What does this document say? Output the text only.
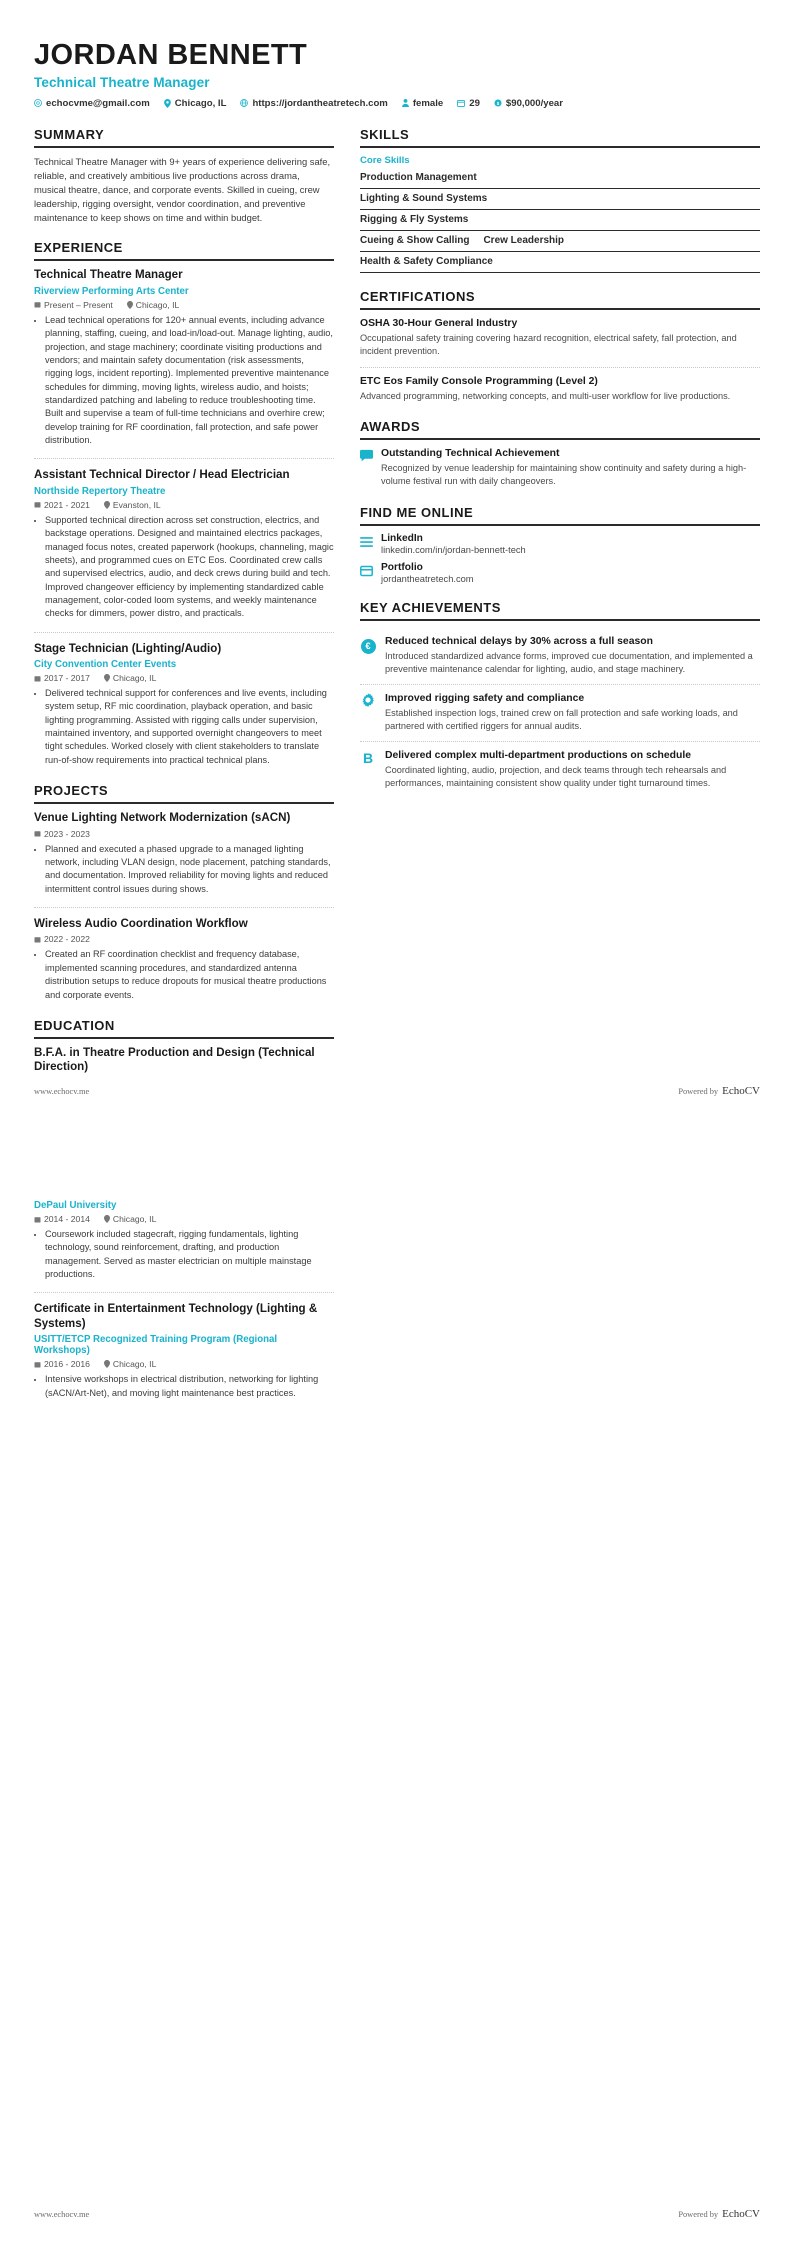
JORDAN BENNETT
Technical Theatre Manager
echocvme@gmail.com	Chicago, IL	https://jordantheatretech.com	female	29 $ $90,000/year
SUMMARY
Technical Theatre Manager with 9+ years of experience delivering safe, reliable, and creatively ambitious live productions across drama, musical theatre, dance, and corporate events. Skilled in cueing, crew leadership, rigging oversight, vendor coordination, and preventive maintenance to keep shows on time and within budget.
EXPERIENCE
Technical Theatre Manager
Riverview Performing Arts Center
Present – Present	Chicago, IL
• Lead technical operations for 120+ annual events, including advance planning, staffing, cueing, and load-in/load-out. Manage lighting, audio, projection, and stage machinery; coordinate visiting productions and vendors; and maintain safety documentation (risk assessments, rigging logs, incident reporting). Implemented preventive maintenance schedules for dimming, moving lights, wireless audio, and hoists; standardized patching and labeling to reduce troubleshooting time. Built and supervise a team of full-time technicians and overhire crew; develop training for RF coordination, fall protection, and safe power distribution.
Assistant Technical Director / Head Electrician
Northside Repertory Theatre
2021 - 2021	Evanston, IL
• Supported technical direction across set construction, electrics, and backstage operations. Designed and maintained electrics packages, managed focus notes, created paperwork (hookups, channeling, magic sheets), and programmed cues on ETC Eos. Coordinated crew calls and supervised electrics, audio, and deck crews during build and tech. Improved changeover efficiency by implementing standardized cable management, color-coded loom systems, and weekly maintenance checks for dimmers, power distro, and practicals.
Stage Technician (Lighting/Audio)
City Convention Center Events
2017 - 2017	Chicago, IL
• Delivered technical support for conferences and live events, including system setup, RF mic coordination, playback operation, and basic lighting programming. Assisted with rigging calls under supervision, maintained inventory, and supported overnight changeovers to meet tight schedules. Worked closely with client stakeholders to translate run-of-show requirements into practical technical plans.
PROJECTS
Venue Lighting Network Modernization (sACN)
2023 - 2023
• Planned and executed a phased upgrade to a managed lighting network, including VLAN design, node placement, patching standards, and documentation. Improved reliability for moving lights and reduced intermittent control issues during shows.
Wireless Audio Coordination Workflow
2022 - 2022
• Created an RF coordination checklist and frequency database, implemented scanning procedures, and standardized antenna distribution setups to reduce dropouts for musical theatre productions and corporate events.
EDUCATION
B.F.A. in Theatre Production and Design (Technical Direction)
SKILLS
Core Skills
Production Management
Lighting & Sound Systems
Rigging & Fly Systems
Cueing & Show Calling Crew Leadership
Health & Safety Compliance
CERTIFICATIONS
OSHA 30-Hour General Industry
Occupational safety training covering hazard recognition, electrical safety, fall protection, and incident prevention.
ETC Eos Family Console Programming (Level 2)
Advanced programming, networking concepts, and multi-user workflow for live productions.
AWARDS
Outstanding Technical Achievement
Recognized by venue leadership for maintaining show continuity and safety during a high-volume festival run with daily changeovers.
FIND ME ONLINE
LinkedIn
linkedin.com/in/jordan-bennett-tech
Portfolio
jordantheatretech.com
KEY ACHIEVEMENTS
€	Reduced technical delays by 30% across a full season
Introduced standardized advance forms, improved cue documentation, and implemented a preventive maintenance calendar for lighting, audio, and stage machinery.
Improved rigging safety and compliance
Established inspection logs, trained crew on fall protection and safe working loads, and partnered with certified riggers for annual audits.
B Delivered complex multi-department productions on schedule
Coordinated lighting, audio, projection, and deck teams through tech rehearsals and performances, maintaining consistent show quality under tight turnaround times.
www.echocv.me	Powered by EchoCV
DePaul University
2014 - 2014	Chicago, IL
• Coursework included stagecraft, rigging fundamentals, lighting technology, sound reinforcement, drafting, and production management. Served as master electrician on multiple mainstage productions.
Certificate in Entertainment Technology (Lighting & Systems)
USITT/ETCP Recognized Training Program (Regional Workshops)
2016 - 2016	Chicago, IL
• Intensive workshops in electrical distribution, networking for lighting (sACN/Art-Net), and moving light maintenance best practices.
www.echocv.me	Powered by EchoCV
